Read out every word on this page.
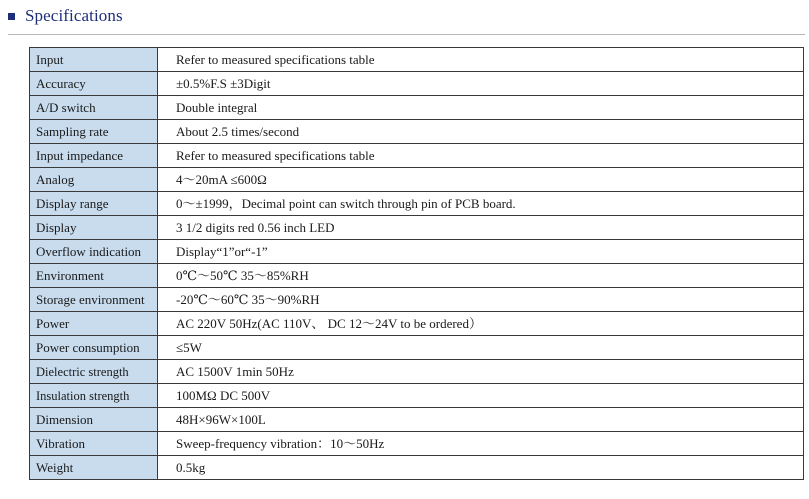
Specifications
Input	Refer to measured specifications table
Accuracy	±0.5%F.S ±3Digit
A/D switch	Double integral
Sampling rate	About 2.5 times/second
Input impedance	Refer to measured specifications table
Analog	4～20mA ≤600Ω
Display range	0～±1999，Decimal point can switch through pin of PCB board.
Display	3 1/2 digits red 0.56 inch LED
Overflow indication	Display“1”or“-1”
Environment	0℃～50℃ 35～85%RH
Storage environment	-20℃～60℃ 35～90%RH
Power	AC 220V 50Hz(AC 110V、 DC 12～24V to be ordered）
Power consumption	≤5W
Dielectric strength	AC 1500V 1min 50Hz
Insulation strength	100MΩ DC 500V
Dimension	48H×96W×100L
Vibration	Sweep-frequency vibration：10～50Hz
Weight	0.5kg
